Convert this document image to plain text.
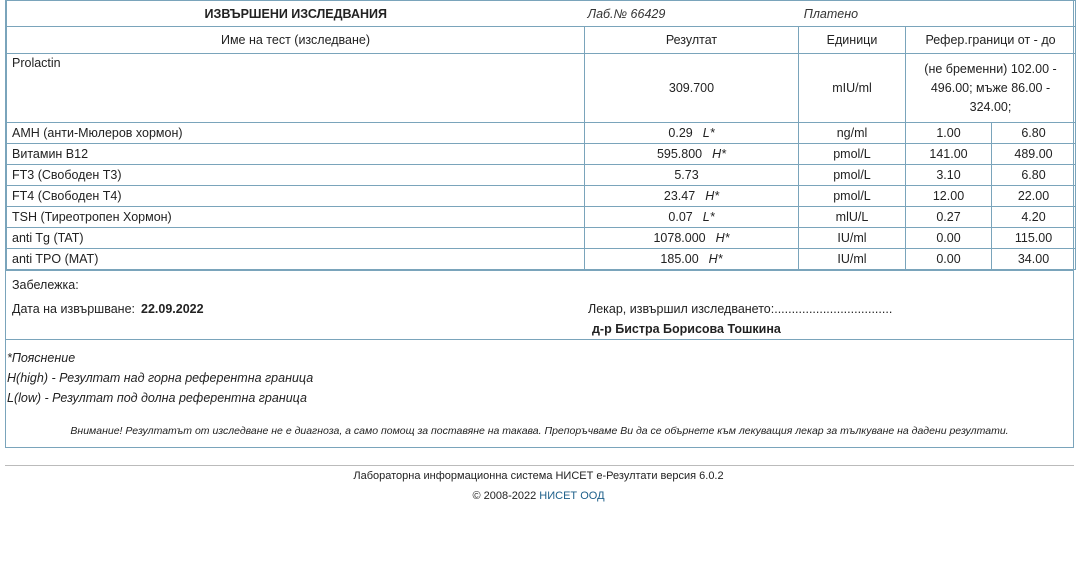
ИЗВЪРШЕНИ ИЗСЛЕДВАНИЯ	Лаб.№ 66429 Платено			
Име на тест (изследване)	Резултат	Единици	Рефер.граници от - до	
Prolactin	309.700	mIU/ml	(не бременни) 102.00 - 496.00; мъже 86.00 - 324.00;	
AMH (анти-Мюлеров хормон)	0.29 L*	ng/ml	1.00	6.80
Витамин B12	595.800 H*	pmol/L	141.00	489.00
FT3 (Свободен Т3)	5.73	pmol/L	3.10	6.80
FT4 (Свободен Т4)	23.47 H*	pmol/L	12.00	22.00
TSH (Тиреотропен Хормон)	0.07 L*	mlU/L	0.27	4.20
anti Tg (TAT)	1078.000 H*	IU/ml	0.00	115.00
anti TPO (MAT)	185.00 H*	IU/ml	0.00	34.00
Забележка:
Дата на извършване: 22.09.2022	Лекар, извършил изследването:..................................
д-р Бистра Борисова Тошкина
*Пояснение
H(high) - Резултат над горна референтна граница
L(low) - Резултат под долна референтна граница
Внимание! Резултатът от изследване не е диагноза, а само помощ за поставяне на такава. Препоръчваме Ви да се обърнете към лекуващия лекар за тълкуване на дадени резултати.
Лабораторна информационна система НИСЕТ е-Резултати версия 6.0.2
© 2008-2022 НИСЕТ ООД
